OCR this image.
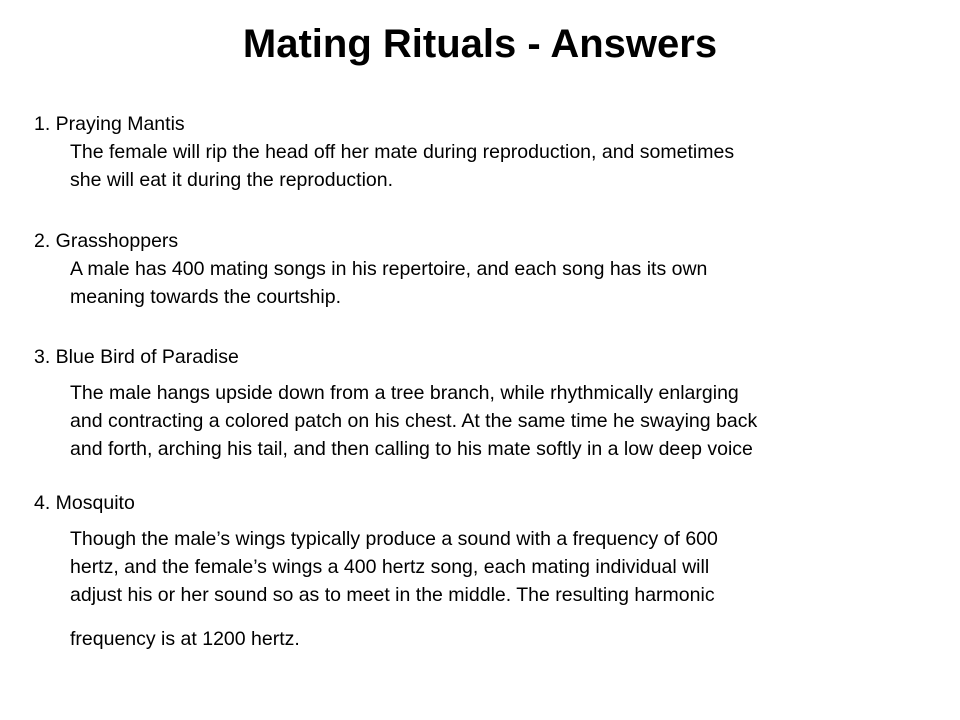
Mating Rituals - Answers

1. Praying Mantis

The female will rip the head off her mate during reproduction, and sometimes
she will eat it during the reproduction.

2. Grasshoppers

A male has 400 mating songs in his repertoire, and each song has its own
meaning towards the courtship.

3. Blue Bird of Paradise

The male hangs upside down from a tree branch, while rhythmically enlarging
and contracting a colored patch on his chest. At the same time he swaying back
and forth, arching his tail, and then calling to his mate softly in a low deep voice

4. Mosquito

Though the male’s wings typically produce a sound with a frequency of 600
hertz, and the female’s wings a 400 hertz song, each mating individual will
adjust his or her sound so as to meet in the middle. The resulting harmonic

frequency is at 1200 hertz.
